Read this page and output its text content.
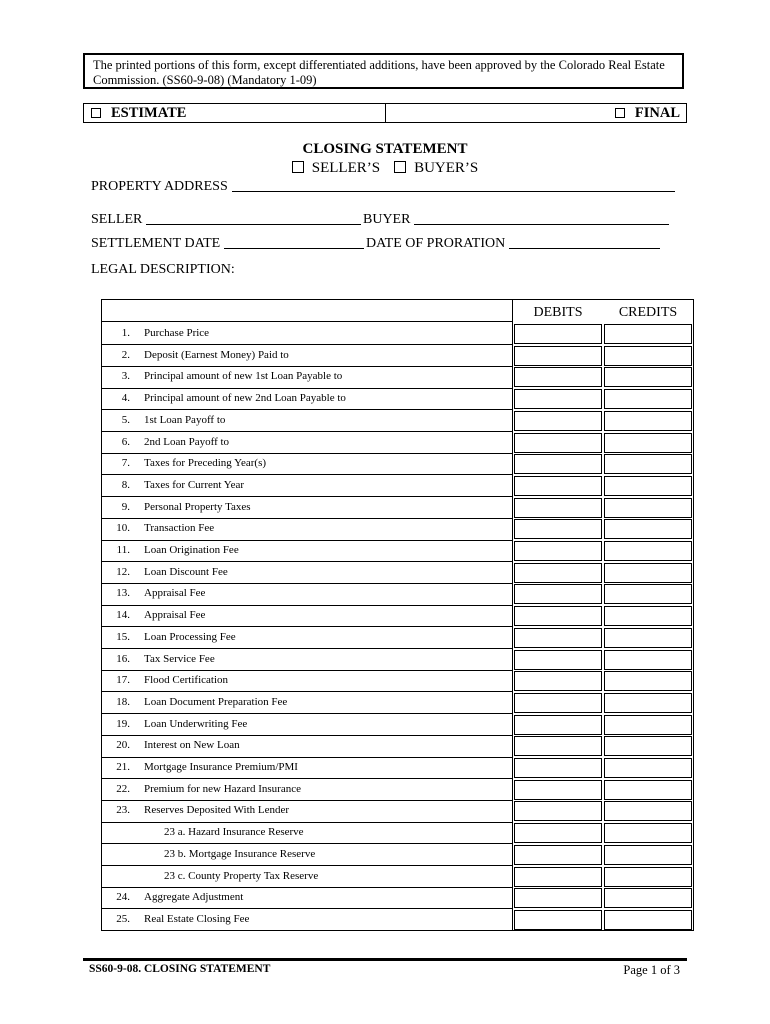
The printed portions of this form, except differentiated additions, have been approved by the Colorado Real Estate
Commission. (SS60-9-08) (Mandatory 1-09)
ESTIMATE	FINAL
CLOSING STATEMENT
SELLER’S BUYER’S
PROPERTY ADDRESS
SELLER	BUYER
SETTLEMENT DATE	DATE OF PRORATION
LEGAL DESCRIPTION:
DEBITS	CREDITS
1. Purchase Price
2. Deposit (Earnest Money) Paid to
3. Principal amount of new 1st Loan Payable to
4. Principal amount of new 2nd Loan Payable to
5. 1st Loan Payoff to
6. 2nd Loan Payoff to
7. Taxes for Preceding Year(s)
8. Taxes for Current Year
9. Personal Property Taxes
10. Transaction Fee
11. Loan Origination Fee
12. Loan Discount Fee
13. Appraisal Fee
14. Appraisal Fee
15. Loan Processing Fee
16. Tax Service Fee
17. Flood Certification
18. Loan Document Preparation Fee
19. Loan Underwriting Fee
20. Interest on New Loan
21. Mortgage Insurance Premium/PMI
22. Premium for new Hazard Insurance
23. Reserves Deposited With Lender
23 a. Hazard Insurance Reserve
23 b. Mortgage Insurance Reserve
23 c. County Property Tax Reserve
24. Aggregate Adjustment
25. Real Estate Closing Fee
SS60-9-08. CLOSING STATEMENT	Page 1 of 3
